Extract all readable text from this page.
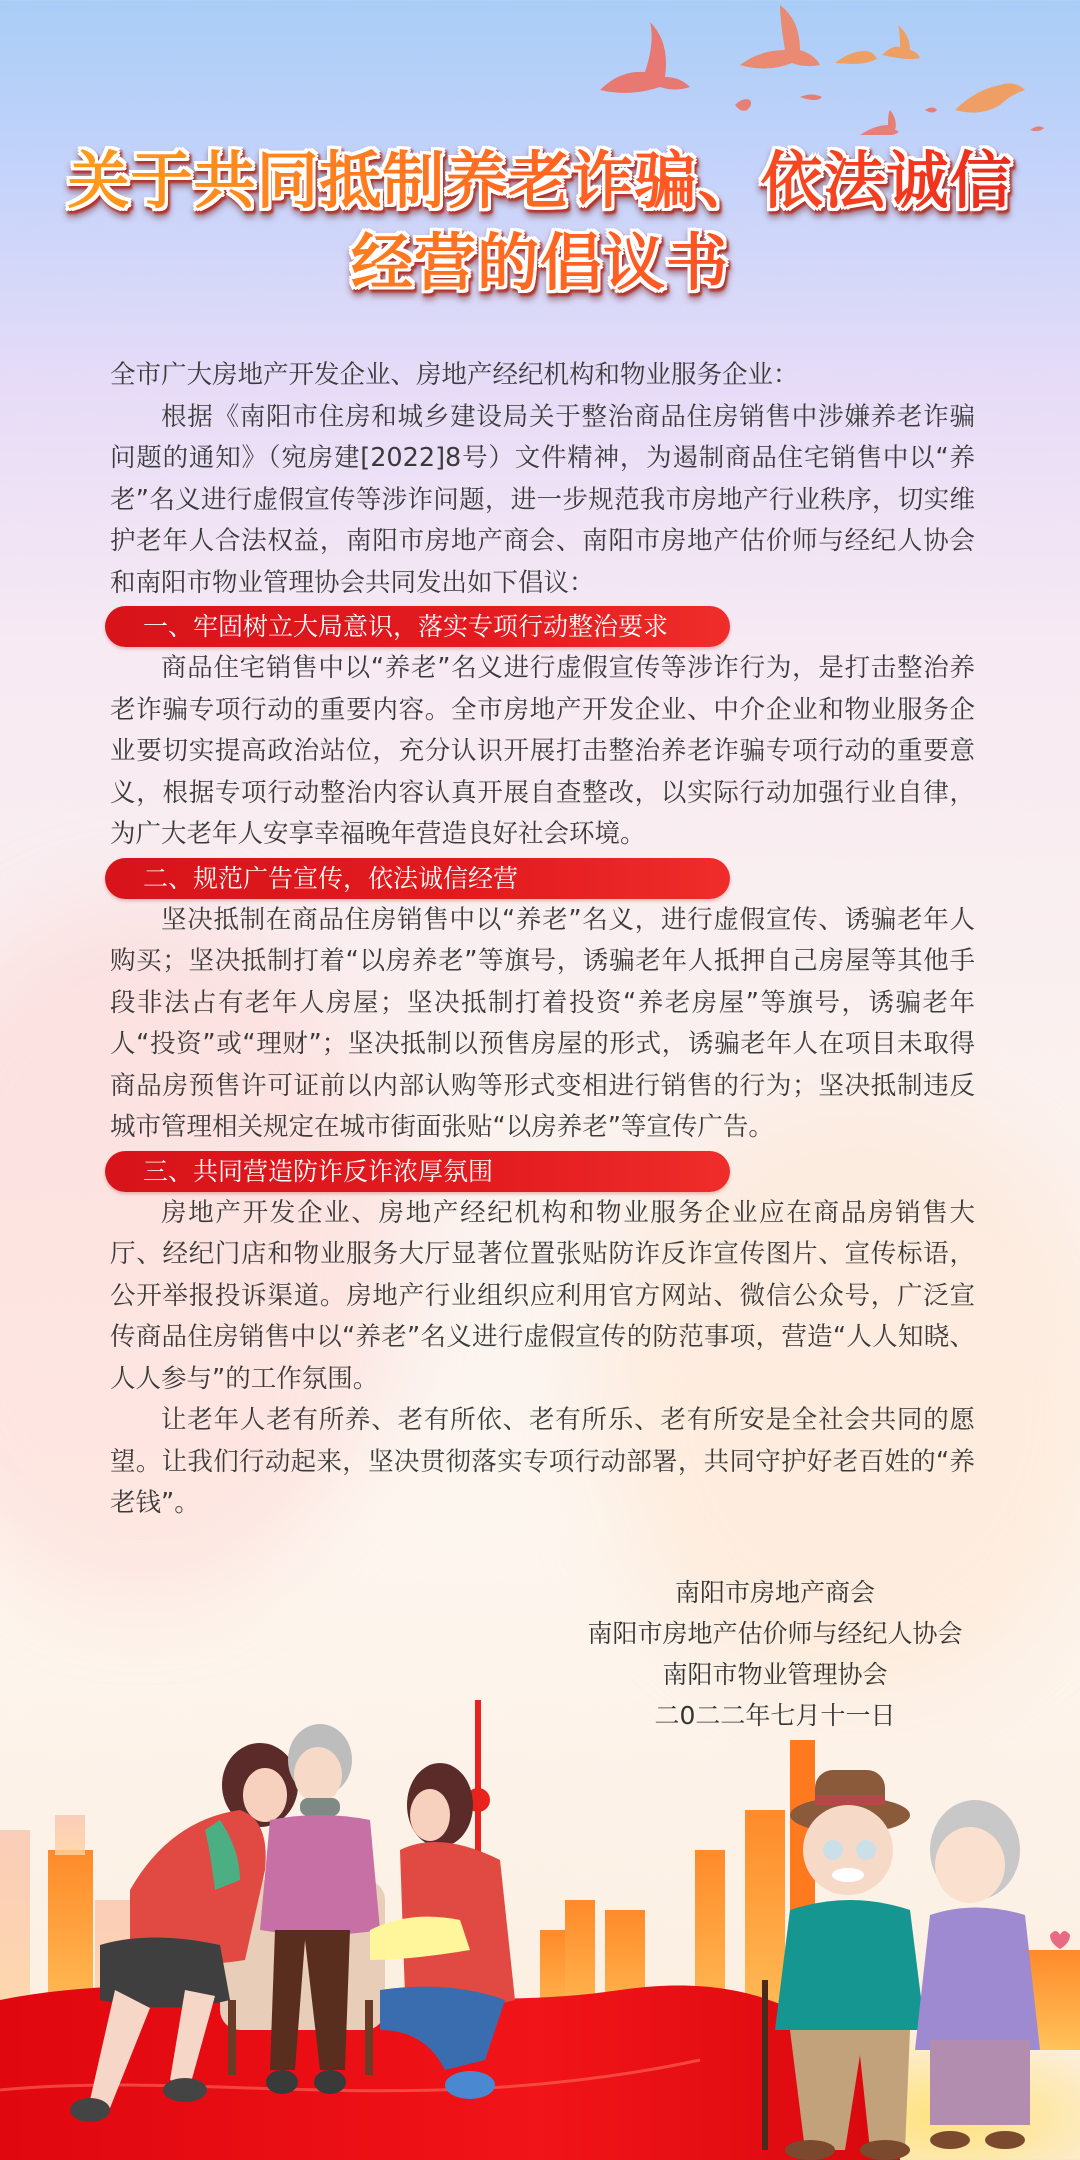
关于共同抵制养老诈骗、依法诚信
经营的倡议书

全市广大房地产开发企业、房地产经纪机构和物业服务企业：

根据《南阳市住房和城乡建设局关于整治商品住房销售中涉嫌养老诈骗问题的通知》（宛房建[2022]8号）文件精神，为遏制商品住宅销售中以“养老”名义进行虚假宣传等涉诈问题，进一步规范我市房地产行业秩序，切实维护老年人合法权益，南阳市房地产商会、南阳市房地产估价师与经纪人协会和南阳市物业管理协会共同发出如下倡议：

一、牢固树立大局意识，落实专项行动整治要求

商品住宅销售中以“养老”名义进行虚假宣传等涉诈行为，是打击整治养老诈骗专项行动的重要内容。全市房地产开发企业、中介企业和物业服务企业要切实提高政治站位，充分认识开展打击整治养老诈骗专项行动的重要意义，根据专项行动整治内容认真开展自查整改，以实际行动加强行业自律，为广大老年人安享幸福晚年营造良好社会环境。

二、规范广告宣传，依法诚信经营

坚决抵制在商品住房销售中以“养老”名义，进行虚假宣传、诱骗老年人购买；坚决抵制打着“以房养老”等旗号，诱骗老年人抵押自己房屋等其他手段非法占有老年人房屋；坚决抵制打着投资“养老房屋”等旗号，诱骗老年人“投资”或“理财”；坚决抵制以预售房屋的形式，诱骗老年人在项目未取得商品房预售许可证前以内部认购等形式变相进行销售的行为；坚决抵制违反城市管理相关规定在城市街面张贴“以房养老”等宣传广告。

三、共同营造防诈反诈浓厚氛围

房地产开发企业、房地产经纪机构和物业服务企业应在商品房销售大厅、经纪门店和物业服务大厅显著位置张贴防诈反诈宣传图片、宣传标语，公开举报投诉渠道。房地产行业组织应利用官方网站、微信公众号，广泛宣传商品住房销售中以“养老”名义进行虚假宣传的防范事项，营造“人人知晓、人人参与”的工作氛围。

让老年人老有所养、老有所依、老有所乐、老有所安是全社会共同的愿望。让我们行动起来，坚决贯彻落实专项行动部署，共同守护好老百姓的“养老钱”。

南阳市房地产商会
南阳市房地产估价师与经纪人协会
南阳市物业管理协会
二0二二年七月十一日
